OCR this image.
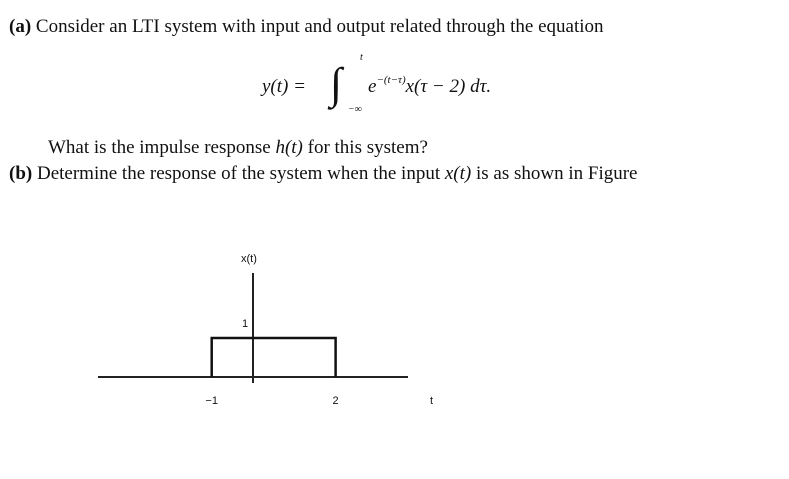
(a) Consider an LTI system with input and output related through the equation
y(t) = ∫
t
−∞
$e^{-(t-\tau)}x(\tau - 2)$ dτ.
What is the impulse response h(t) for this system?
(b) Determine the response of the system when the input x(t) is as shown in Figure
x(t)
1
−1	2	t
